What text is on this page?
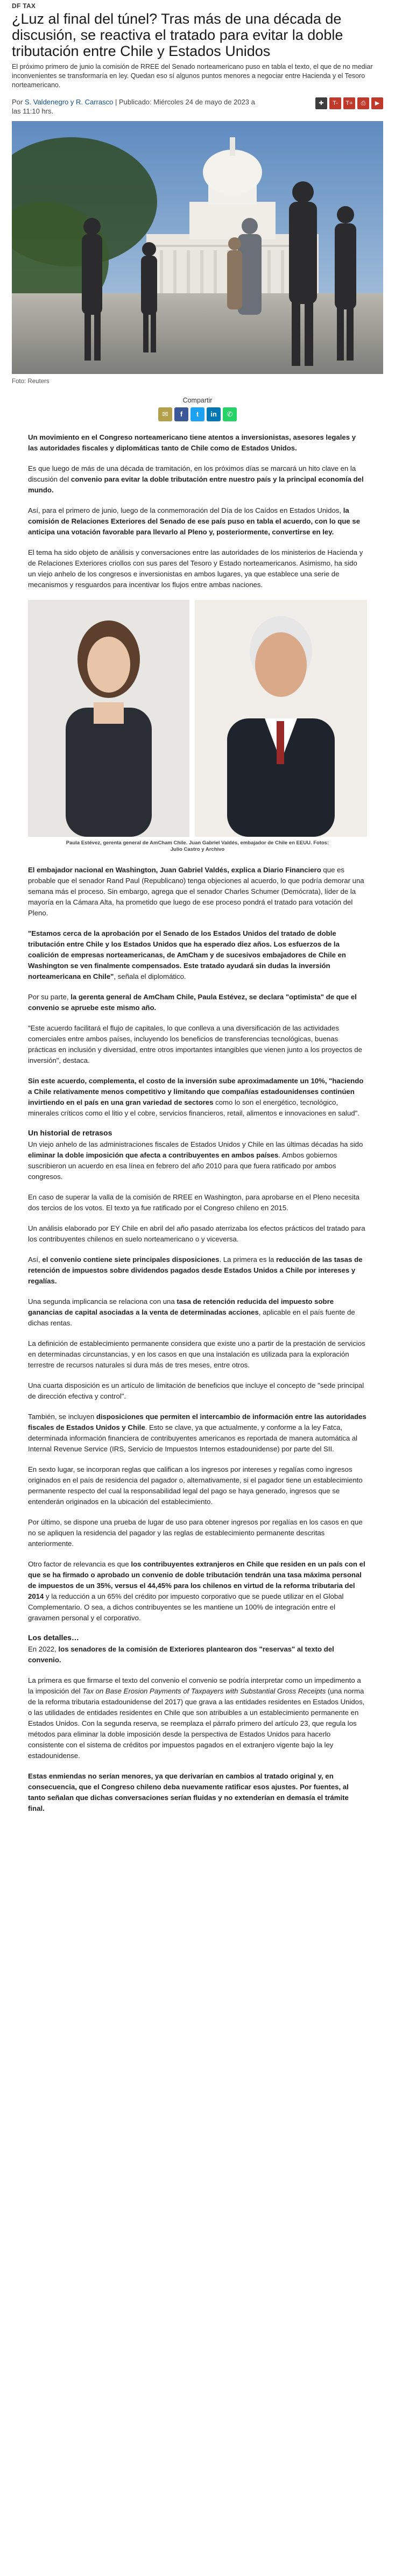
DF TAX
¿Luz al final del túnel? Tras más de una década de discusión, se reactiva el tratado para evitar la doble tributación entre Chile y Estados Unidos

El próximo primero de junio la comisión de RREE del Senado norteamericano puso en tabla el texto, el que de no mediar inconvenientes se transformaría en ley. Quedan eso sí algunos puntos menores a negociar entre Hacienda y el Tesoro norteamericano.

Por S. Valdenegro y R. Carrasco | Publicado: Miércoles 24 de mayo de 2023 a las 11:10 hrs.
✚	T-	T+	⎙	▶
Foto: Reuters
Compartir
✉	f	t	in	✆

Un movimiento en el Congreso norteamericano tiene atentos a inversionistas, asesores legales y las autoridades fiscales y diplomáticas tanto de Chile como de Estados Unidos.

Es que luego de más de una década de tramitación, en los próximos días se marcará un hito clave en la discusión del convenio para evitar la doble tributación entre nuestro país y la principal economía del mundo.

Así, para el primero de junio, luego de la conmemoración del Día de los Caídos en Estados Unidos, la comisión de Relaciones Exteriores del Senado de ese país puso en tabla el acuerdo, con lo que se anticipa una votación favorable para llevarlo al Pleno y, posteriormente, convertirse en ley.

El tema ha sido objeto de análisis y conversaciones entre las autoridades de los ministerios de Hacienda y de Relaciones Exteriores criollos con sus pares del Tesoro y Estado norteamericanos. Asimismo, ha sido un viejo anhelo de los congresos e inversionistas en ambos lugares, ya que establece una serie de mecanismos y resguardos para incentivar los flujos entre ambas naciones.

Paula Estévez, gerenta general de AmCham Chile. Juan Gabriel Valdés, embajador de Chile en EEUU. Fotos: Julio Castro y Archivo

El embajador nacional en Washington, Juan Gabriel Valdés, explica a Diario Financiero que es probable que el senador Rand Paul (Republicano) tenga objeciones al acuerdo, lo que podría demorar una semana más el proceso. Sin embargo, agrega que el senador Charles Schumer (Demócrata), líder de la mayoría en la Cámara Alta, ha prometido que luego de ese proceso pondrá el tratado para votación del Pleno.

"Estamos cerca de la aprobación por el Senado de los Estados Unidos del tratado de doble tributación entre Chile y los Estados Unidos que ha esperado diez años. Los esfuerzos de la coalición de empresas norteamericanas, de AmCham y de sucesivos embajadores de Chile en Washington se ven finalmente compensados. Este tratado ayudará sin dudas la inversión norteamericana en Chile", señala el diplomático.

Por su parte, la gerenta general de AmCham Chile, Paula Estévez, se declara "optimista" de que el convenio se apruebe este mismo año.

"Este acuerdo facilitará el flujo de capitales, lo que conlleva a una diversificación de las actividades comerciales entre ambos países, incluyendo los beneficios de transferencias tecnológicas, buenas prácticas en inclusión y diversidad, entre otros importantes intangibles que vienen junto a los proyectos de inversión", destaca.

Sin este acuerdo, complementa, el costo de la inversión sube aproximadamente un 10%, "haciendo a Chile relativamente menos competitivo y limitando que compañías estadounidenses continúen invirtiendo en el país en una gran variedad de sectores como lo son el energético, tecnológico, minerales críticos como el litio y el cobre, servicios financieros, retail, alimentos e innovaciones en salud".

Un historial de retrasos

Un viejo anhelo de las administraciones fiscales de Estados Unidos y Chile en las últimas décadas ha sido eliminar la doble imposición que afecta a contribuyentes en ambos países. Ambos gobiernos suscribieron un acuerdo en esa línea en febrero del año 2010 para que fuera ratificado por ambos congresos.

En caso de superar la valla de la comisión de RREE en Washington, para aprobarse en el Pleno necesita dos tercios de los votos. El texto ya fue ratificado por el Congreso chileno en 2015.

Un análisis elaborado por EY Chile en abril del año pasado aterrizaba los efectos prácticos del tratado para los contribuyentes chilenos en suelo norteamericano o y viceversa.

Así, el convenio contiene siete principales disposiciones. La primera es la reducción de las tasas de retención de impuestos sobre dividendos pagados desde Estados Unidos a Chile por intereses y regalías.

Una segunda implicancia se relaciona con una tasa de retención reducida del impuesto sobre ganancias de capital asociadas a la venta de determinadas acciones, aplicable en el país fuente de dichas rentas.

La definición de establecimiento permanente considera que existe uno a partir de la prestación de servicios en determinadas circunstancias, y en los casos en que una instalación es utilizada para la exploración terrestre de recursos naturales si dura más de tres meses, entre otros.

Una cuarta disposición es un artículo de limitación de beneficios que incluye el concepto de "sede principal de dirección efectiva y control".

También, se incluyen disposiciones que permiten el intercambio de información entre las autoridades fiscales de Estados Unidos y Chile. Esto se clave, ya que actualmente, y conforme a la ley Fatca, determinada información financiera de contribuyentes americanos es reportada de manera automática al Internal Revenue Service (IRS, Servicio de Impuestos Internos estadounidense) por parte del SII.

En sexto lugar, se incorporan reglas que califican a los ingresos por intereses y regalías como ingresos originados en el país de residencia del pagador o, alternativamente, si el pagador tiene un establecimiento permanente respecto del cual la responsabilidad legal del pago se haya generado, ingresos que se entenderán originados en la ubicación del establecimiento.

Por último, se dispone una prueba de lugar de uso para obtener ingresos por regalías en los casos en que no se apliquen la residencia del pagador y las reglas de establecimiento permanente descritas anteriormente.

Otro factor de relevancia es que los contribuyentes extranjeros en Chile que residen en un país con el que se ha firmado o aprobado un convenio de doble tributación tendrán una tasa máxima personal de impuestos de un 35%, versus el 44,45% para los chilenos en virtud de la reforma tributaria del 2014 y la reducción a un 65% del crédito por impuesto corporativo que se puede utilizar en el Global Complementario. O sea, a dichos contribuyentes se les mantiene un 100% de integración entre el gravamen personal y el corporativo.

Los detalles…

En 2022, los senadores de la comisión de Exteriores plantearon dos "reservas" al texto del convenio.

La primera es que firmarse el texto del convenio el convenio se podría interpretar como un impedimento a la imposición del Tax on Base Erosion Payments of Taxpayers with Substantial Gross Receipts (una norma de la reforma tributaria estadounidense del 2017) que grava a las entidades residentes en Estados Unidos, o las utilidades de entidades residentes en Chile que son atribuibles a un establecimiento permanente en Estados Unidos. Con la segunda reserva, se reemplaza el párrafo primero del artículo 23, que regula los métodos para eliminar la doble imposición desde la perspectiva de Estados Unidos para hacerlo consistente con el sistema de créditos por impuestos pagados en el extranjero vigente bajo la ley estadounidense.

Estas enmiendas no serían menores, ya que derivarían en cambios al tratado original y, en consecuencia, que el Congreso chileno deba nuevamente ratificar esos ajustes. Por fuentes, al tanto señalan que dichas conversaciones serían fluidas y no extenderían en demasía el trámite final.
